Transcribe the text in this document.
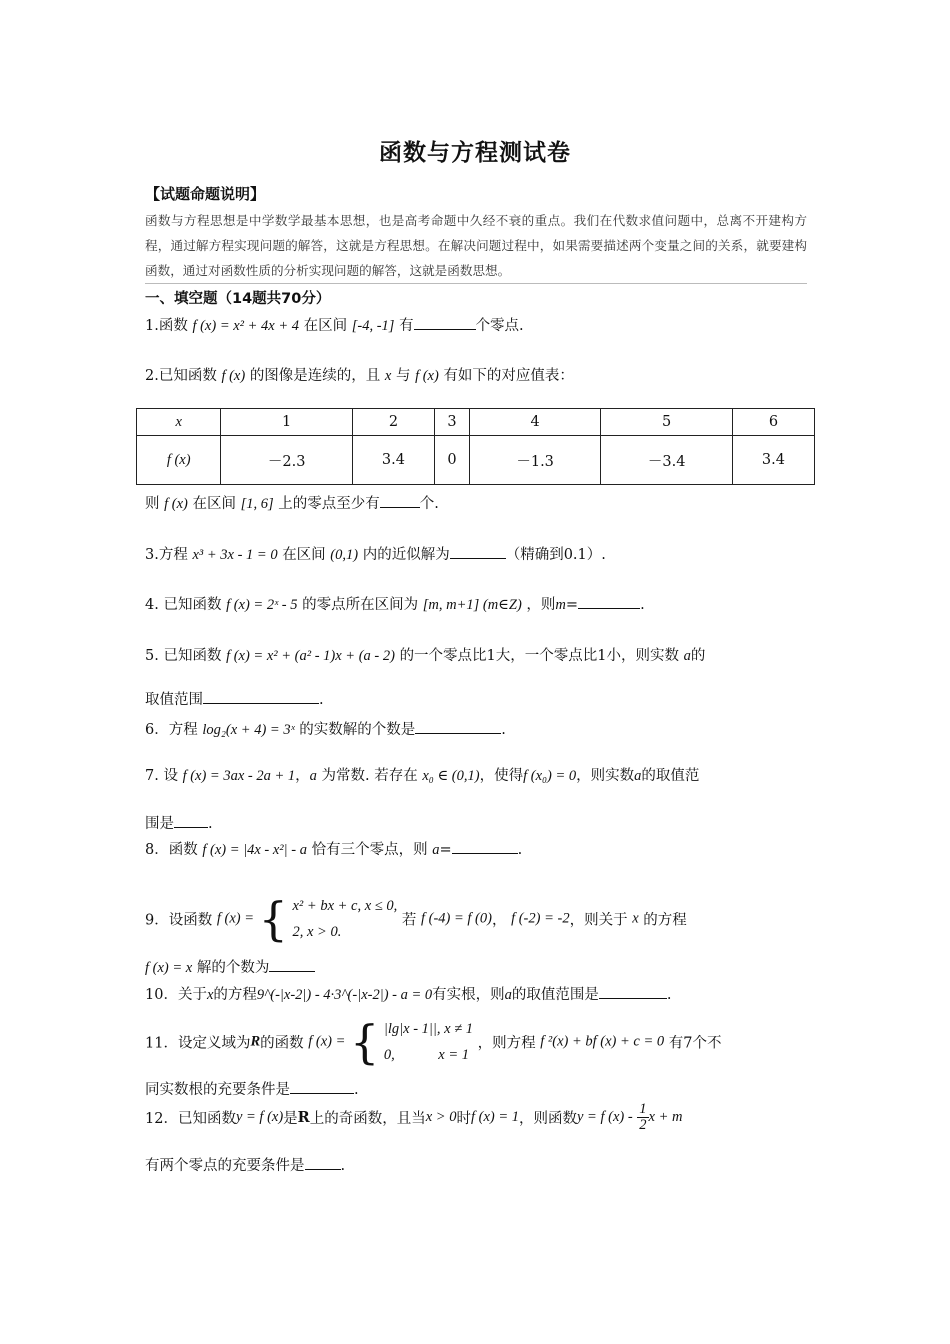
函数与方程测试卷
【试题命题说明】
函数与方程思想是中学数学最基本思想，也是高考命题中久经不衰的重点。我们在代数求值问题中，总离不开建构方程，通过解方程实现问题的解答，这就是方程思想。在解决问题过程中，如果需要描述两个变量之间的关系，就要建构函数，通过对函数性质的分析实现问题的解答，这就是函数思想。
一、填空题（14题共70分）
1.函数 f (x) = x² + 4x + 4 在区间 [-4, -1] 有	个零点.
2.已知函数 f (x) 的图像是连续的，且 x 与 f (x) 有如下的对应值表：
x	1	2	3	4	5	6
f (x)	－2.3	3.4	0	－1.3	－3.4	3.4
则 f (x) 在区间 [1, 6] 上的零点至少有	个.
3.方程 x³ + 3x - 1 = 0 在区间 (0,1) 内的近似解为	（精确到0.1）.
4. 已知函数 f (x) = 2ˣ - 5 的零点所在区间为 [m, m+1] (m∈Z) ，则m=	.
5. 已知函数 f (x) = x² + (a² - 1)x + (a - 2) 的一个零点比1大，一个零点比1小，则实数 a的
取值范围	.
6．方程 log₂(x + 4) = 3ˣ 的实数解的个数是	.
7. 设 f (x) = 3ax - 2a + 1，a 为常数. 若存在 x₀ ∈ (0,1)，使得f (x₀) = 0，则实数a的取值范
围是 .
8．函数 f (x) = |4x - x²| - a 恰有三个零点，则 a=	.
9．设函数 f (x) = { x² + bx + c, x ≤ 0,
2, x > 0.
若 f (-4) = f (0)， f (-2) = -2，则关于 x 的方程
f (x) = x 解的个数为
10．关于x的方程9^(-|x-2|) - 4·3^(-|x-2|) - a = 0有实根，则a的取值范围是	.
11．设定义域为R的函数 f (x) = { |lg|x - 1||, x ≠ 1
0,            x = 1
，则方程 f ²(x) + bf (x) + c = 0 有7个不
同实数根的充要条件是	.
12．已知函数y = f (x)是R上的奇函数，且当x > 0时f (x) = 1，则函数y = f $(x) - \frac{1}{2}$ x + m
有两个零点的充要条件是 .
